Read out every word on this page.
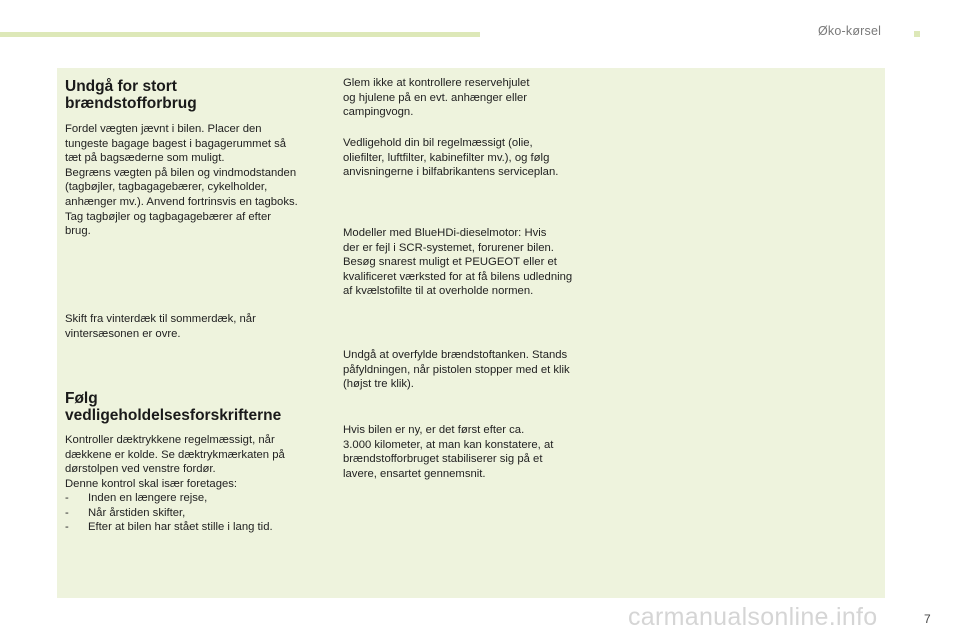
Øko-kørsel
Undgå for stort
brændstofforbrug
Fordel vægten jævnt i bilen. Placer den
tungeste bagage bagest i bagagerummet så
tæt på bagsæderne som muligt.
Begræns vægten på bilen og vindmodstanden
(tagbøjler, tagbagagebærer, cykelholder,
anhænger mv.). Anvend fortrinsvis en tagboks.
Tag tagbøjler og tagbagagebærer af efter
brug.
Skift fra vinterdæk til sommerdæk, når
vintersæsonen er ovre.
Følg
vedligeholdelsesforskrifterne
Kontroller dæktrykkene regelmæssigt, når
dækkene er kolde. Se dæktrykmærkaten på
dørstolpen ved venstre fordør.
Denne kontrol skal især foretages:
-	Inden en længere rejse,
-	Når årstiden skifter,
-	Efter at bilen har stået stille i lang tid.
Glem ikke at kontrollere reservehjulet
og hjulene på en evt. anhænger eller
campingvogn.
Vedligehold din bil regelmæssigt (olie,
oliefilter, luftfilter, kabinefilter mv.), og følg
anvisningerne i bilfabrikantens serviceplan.
Modeller med BlueHDi-dieselmotor: Hvis
der er fejl i SCR-systemet, forurener bilen.
Besøg snarest muligt et PEUGEOT eller et
kvalificeret værksted for at få bilens udledning
af kvælstofilte til at overholde normen.
Undgå at overfylde brændstoftanken. Stands
påfyldningen, når pistolen stopper med et klik
(højst tre klik).
Hvis bilen er ny, er det først efter ca.
3.000 kilometer, at man kan konstatere, at
brændstofforbruget stabiliserer sig på et
lavere, ensartet gennemsnit.
carmanualsonline.info	7
